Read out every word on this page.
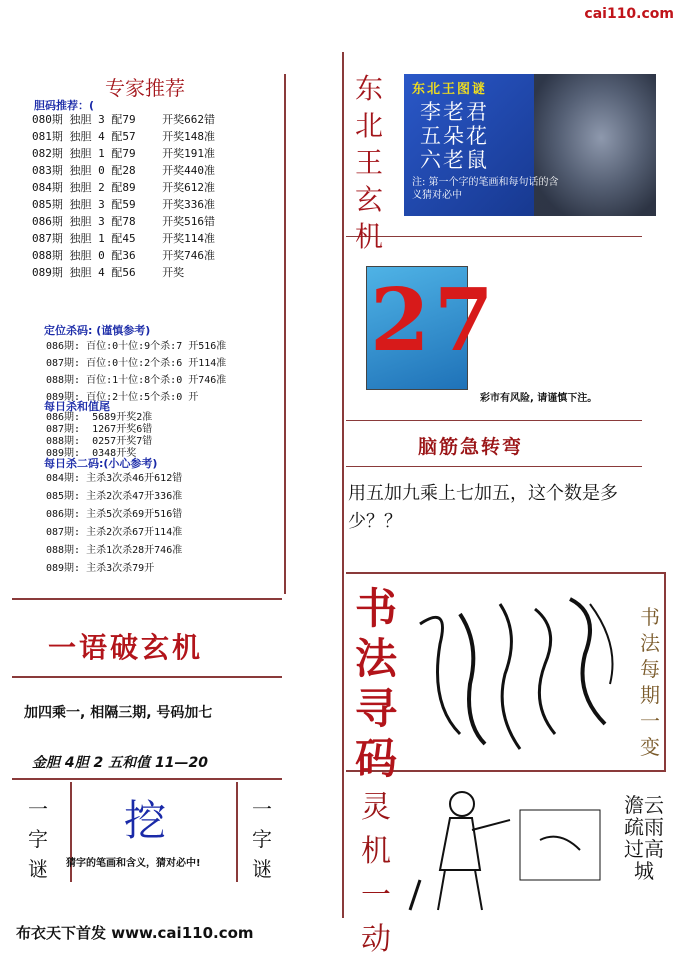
cai110.com
专家推荐
胆码推荐：(
080期 独胆 3 配79    开奖662错
081期 独胆 4 配57    开奖148准
082期 独胆 1 配79    开奖191准
083期 独胆 0 配28    开奖440准
084期 独胆 2 配89    开奖612准
085期 独胆 3 配59    开奖336准
086期 独胆 3 配78    开奖516错
087期 独胆 1 配45    开奖114准
088期 独胆 0 配36    开奖746准
089期 独胆 4 配56    开奖
定位杀码: (谨慎参考)
086期: 百位:0十位:9个杀:7 开516准
087期: 百位:0十位:2个杀:6 开114准
088期: 百位:1十位:8个杀:0 开746准
089期: 百位:2十位:5个杀:0 开
每日杀和值尾
086期:  5689开奖2准
087期:  1267开奖6错
088期:  0257开奖7错
089期:  0348开奖
每日杀二码:(小心参考)
084期: 主杀3次杀46开612错
085期: 主杀2次杀47开336准
086期: 主杀5次杀69开516错
087期: 主杀2次杀67开114准
088期: 主杀1次杀28开746准
089期: 主杀3次杀79开
一语破玄机
加四乘一, 相隔三期, 号码加七
金胆 4胆 2 五和值 11—20
一字谜
一字谜
挖
猜字的笔画和含义，猜对必中!
布衣天下首发 www.cai110.com
东北王玄机
东北王图谜
李老君
五朵花
六老鼠
注: 第一个字的笔画和每句话的含义猜对必中
27
彩市有风险, 请谨慎下注。
脑筋急转弯
用五加九乘上七加五，这个数是多少？？
书法寻码
书法每期一变
灵机一动
澹云疏雨过高城
